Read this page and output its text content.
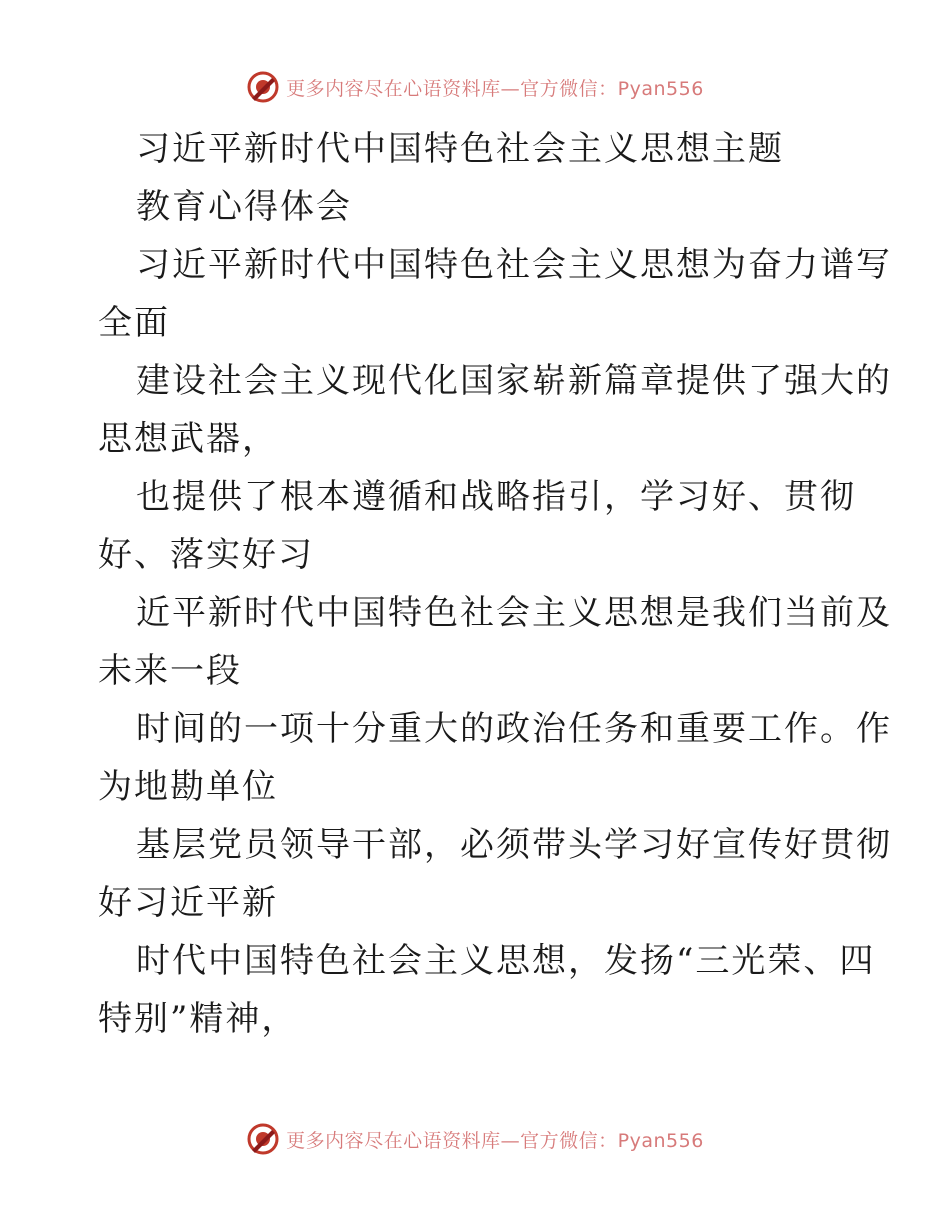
更多内容尽在心语资料库—官方微信：Pyan556
习近平新时代中国特色社会主义思想主题
教育心得体会
习近平新时代中国特色社会主义思想为奋力谱写
全面
建设社会主义现代化国家崭新篇章提供了强大的
思想武器，
也提供了根本遵循和战略指引，学习好、贯彻
好、落实好习
近平新时代中国特色社会主义思想是我们当前及
未来一段
时间的一项十分重大的政治任务和重要工作。作
为地勘单位
基层党员领导干部，必须带头学习好宣传好贯彻
好习近平新
时代中国特色社会主义思想，发扬“三光荣、四
特别”精神，
更多内容尽在心语资料库—官方微信：Pyan556
